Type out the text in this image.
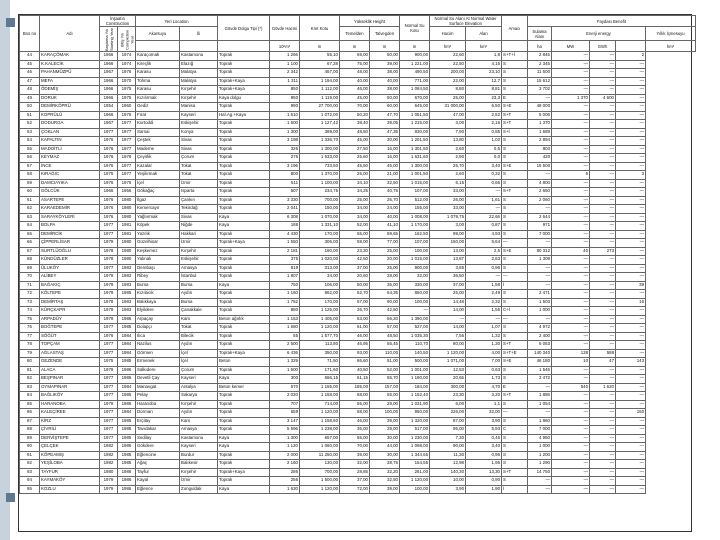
Bno no	Adı	İnşaatın Construction		Yeri Location		Gövde Dolgu Tipi (*)	Gövde Hacmi	Kret Kotu	Yükseklik Height		Normal Su Kotu	Normal Su Alanı At Normal Water Surface Elevation		Amacı	Faydası Benefit				
		Başlama Yılı Starting Year	Bitiş Yılı Completion Year	Akarsuyu	İli				Temelden	Talvegden		Hacim	Alan		Sulama Alanı	Enerji energy			Yıllık İçmesuyu
							10⁶m³	m	m	m	m	hm³	km²		ha	MW	GWh		hm³
44	KARAÇÖMAK	1966	1974	Karaçomak	Kastamonu	Toprak	1 266	55,10	69,00	50,00	900,00	22,60	1,8	S+T+İ	2 845	—	—	2	
45	K.KALECİK	1966	1974	Kireçlik	Elazığ	Toprak	1 100	67,28	75,00	39,00	1 221,00	22,50	4,15	S	2 345	—	—	—	
46	PAHANMÜZPÜ	1967	1976	Karasu	Malatya	Toprak	2 342	467,00	48,00	38,00	490,50	200,00	23,10	S	11 500	—	—	—	
47	MEFA	1966	1970	Tohma	Malatya	Toprak+Kaya	1 311	1 194,00	40,00	40,00	771,00	22,00	12,7	S	15 612	—	—	—	
48	ÖDEMİŞ	1966	1975	Karasu	Kırşehir	Toprak+Kaya	850	1 112,00	46,00	38,00	1 084,50	8,80	8,81	S	3 702	—	—	—	
49	DORUK	1966	1975	Kızılırmak	Kırşehir	Kaya dolgu	950	1 119,00	45,00	50,00	670,00	25,00	23,3	E	—	1 370	4 600	—	
50	DEMİRKÖPRÜ	1954	1960	Gediz	Manisa	Toprak	990	27 700,00	70,00	60,00	645,00	31 000,00	6,50	S+E	48 000	—	—	—	
51	KOPRÜLÜ	1966	1976	Fırat	Kayseri	Hal.Ag.+Kaya	1 510	1 072,00	50,20	47,70	1 051,50	47,00	2,52	S+T	5 006	—	—	—	
52	DODURGA	1967	1977	Kurtoddi	Eskişehir	Toprak	1 500	1 127,42	38,40	39,05	1 215,00	3,00	2,16	S+T	1 370	—	—	—	
53	ÇOKLAN	1977	1977	Sarsai	Konya	Toprak	1 300	389,00	48,50	47,35	830,00	7,90	0,85	S+İ	1 689	—	—	—	
54	KAPALTIN	1976	1977	Çeştek	Sivas	Toprak	3 198	1 336,70	45,00	30,00	1 201,50	13,80	1,02	S	2 894	—	—	—	
55	MADOİTLİ	1976	1977	Mademe	Sivas	Toprak	326	1 300,00	27,50	16,00	1 301,50	2,60	0,5	S	803	—	—	—	
56	KEYMAZ	1976	1976	Çeyirlik	Çorum	Toprak	276	1 533,00	25,60	16,00	1 631,60	2,90	0,0	S	420	—	—	—	
57	İNCE	1976	1977	Kazalar	Tokat	Toprak	3 196	733,50	45,50	45,00	1 300,00	25,70	3,40	S+E	15 500	—	—	—	
58	KIRAĞIC	1975	1977	Yeşilırmak	Tokat	Toprak	800	1 370,00	25,00	21,00	1 001,50	2,60	0,32	S	—	6	—	3	
59	DAMCIAYIKA	1976	1976	İçel	İzmir	Toprak	511	1 100,00	34,10	32,50	1 015,00	6,15	0,66	S	4 800	—	—	—	
60	GÖLCÜK	1966	1956	Gökağaç	Isparta	Toprak	507	234,75	34,25	40,75	107,00	33,00	—	S+T	2 650	—	—	—	
61	ASARTEPE	1976	1980	İlgaz	Çankırı	Toprak	3 330	700,00	25,00	26,70	512,00	26,00	1,61	S	2 060	—	—	—	
62	KARAEDEMİR	1976	1980	Kemercayır	Tekirdağ	Toprak	2 041	150,00	34,00	24,00	155,00	33,00	—	S	—	—	—	—	
63	SARAYKÖYLERİ	1976	1980	Yağlıırmak	Sivas	Kaya	6 308	1 070,00	34,00	40,00	1 008,00	1 079,75	22,66	S	2 644	—	—	—	
64	BOLPA	1977	1981	Köpek	Niğde	Kaya	188	1 331,10	52,00	41,10	1 170,00	3,00	0,87	S	971	—	—	—	
65	DEMİRCİK	1977	1981	Yazılık	Hakkari	Toprak	4 430	170,00	55,00	59,65	162,50	99,00	4,93	S	7 000	—	—	—	
66	ÇİPPERLİSAR	1979	1980	Güzelhisar	İzmir	Toprak+Kaya	1 550	306,00	59,00	77,00	107,00	150,00	5,64	—	—	—	—	—	
67	SURTLÜOĞLU	1978	1980	Keşkemez	Kırşehir	Toprak	2 181	160,00	23,30	25,00	100,00	13,00	2,5	S+E	80 312	40	273	—	
68	KÜNDÜZLER	1978	1980	Yalınalı	Eskişehir	Toprak	375	1 020,00	42,50	20,00	1 015,00	13,87	2,63	S	1 309	—	—	—	
69	ÜLUKÖY	1977	1983	Derebaşı	Amasya	Toprak	819	313,00	37,00	25,00	900,00	3,85	0,96	S	—	—	—	—	
70	ALİBEY	1979	1983	Ribey	İstanbul	Toprak	1 807	34,00	20,60	28,00	32,00	36,50	—	—	—	—	—	—	
71	BAĞAKIÇ	1979	1983	Bursa	Bursa	Kaya	750	106,00	50,00	35,00	330,00	37,00	1,58	İ	—	—	—	39	
72	KÖLTEPE	1979	1985	Kızılacık	Aydın	Toprak	1 160	862,00	52,70	54,35	850,00	25,00	2,49	S	2 471	—	—	—	
73	DEMİRTAŞ	1978	1983	Balıkkaya	Bursa	Toprak	1 752	170,00	57,00	90,00	100,00	14,48	2,32	S	1 503	—	—	16	
74	KÜRÇKAPR	1979	1983	Elyildere	Çanakkale	Toprak	880	1 125,00	26,70	42,50	—	14,00	1,55	C+İ	1 000	—	—	—	
75	ARPADÜY	1979	1986	Arpaçay	Kars	Beton ağırlık	1 153	1 405,00	63,00	56,20	1 390,00	—	—	—	—	—	—	—	
76	BOĞTEPE	1977	1985	Dolapçı	Tokat	Toprak	1 680	1 120,00	61,00	57,00	527,00	14,00	1,07	S	4 972	—	—	—	
77	SÖĞÜT	1976	1984	Ilıca	Bilecik	Toprak	55	1 577,70	46,00	48,50	1 035,30	7,56	1,32	S	2 400	—	—	—	
78	TOPÇAM	1977	1984	Nazilus	Aydın	Toprak	2 500	113,80	46,95	55,45	110,70	80,00	1,30	S+T	6 053	—	—	—	
79	AĞLASTAŞ	1977	1984	Görmen	İçel	Toprak+Kaya	6 436	350,00	93,00	110,00	140,50	1 120,00	4,00	S+T+E	140 340	138	588	—	
80	GEZENDE	1975	1985	Ermenek	İçel	Beton	1 329	71,50	86,60	51,00	500,00	1 071,00	7,00	S+E	46 180	10	47	143	
81	ALACA	1979	1986	Salkıdere	Çorum	Toprak	1 500	171,60	40,50	52,00	1 001,00	12,53	0,63	S	1 546	—	—	—	
82	BEŞPINAR	1977	1986	Devetli Çay	Kayseri	Kaya	300	666,15	61,15	55,70	1 180,00	20,65	1,73	S	2 472	—	—	—	
83	OYMAPINAR	1977	1984	Manavgat	Antalya	Beton kemer	570	1 155,00	185,00	157,00	184,00	300,00	4,70	E	—	540	1 620	—	
84	BAĞLIKÖY	1977	1985	Pelay	Sakarya	Toprak	2 020	1 158,00	68,00	55,00	1 152,40	23,30	3,20	S+T	1 886	—	—	—	
85	HARANOBA	1979	1986	Haranoba	Kırşehir	Toprak	707	714,00	55,00	29,00	1 031,90	6,00	1,1	S	1 054	—	—	—	
86	KALEÇİREE	1977	1984	Dorman	Aydın	Toprak	659	1 120,00	68,00	100,00	950,00	226,00	32,00	—	—	—	—	150	
87	KİRZ	1977	1985	Erçitay	Kars	Toprak	3 147	1 158,60	46,00	39,00	1 320,00	87,00	3,90	S	1 860	—	—	—	
88	ÇİVRİLİ	1977	1986	Tavıdakar	Amasya	Toprak	5 596	1 238,00	35,00	29,00	517,00	95,00	5,93	C	7 000	—	—	—	
89	DERVİŞTEPE	1977	1985	Sedilay	Kastamonu	Kaya	1 300	657,00	55,00	30,00	1 230,00	7,30	0,45	S	4 950	—	—	—	
90	ÇELÇEK	1982	1986	Gökdere	Kayseri	Kaya	1 120	1 060,00	70,00	44,00	1 098,00	90,00	3,40	S	1 000	—	—	—	
91	KÖPEAMIŞ	1982	1985	Eğlencine	Burdur	Toprak	2 000	11 250,00	39,00	30,00	1 344,65	11,30	0,96	S	1 200	—	—	—	
92	YEŞİLOBA	1982	1985	Ağaç	Balıkesir	Toprak	2 160	130,00	32,00	38,75	154,55	12,98	1,95	S	1 290	—	—	—	
93	TAYFUR	1980	1986	Tayfur	Kırşehir	Toprak+Kaya	286	700,00	28,85	32,20	261,00	140,30	13,30	S+T	14 750	—	—	—	
94	KAYMAKÖY	1979	1986	Kayal	İzmir	Toprak	256	1 500,00	37,00	32,50	1 120,00	10,00	0,90	S	—	—	—	—	
95	KOZLU	1979	1986	Eğlence	Zonguldak	Kaya	1 630	1 120,00	72,00	39,00	100,00	3,90	1,90	İ	—	—	—	—	
